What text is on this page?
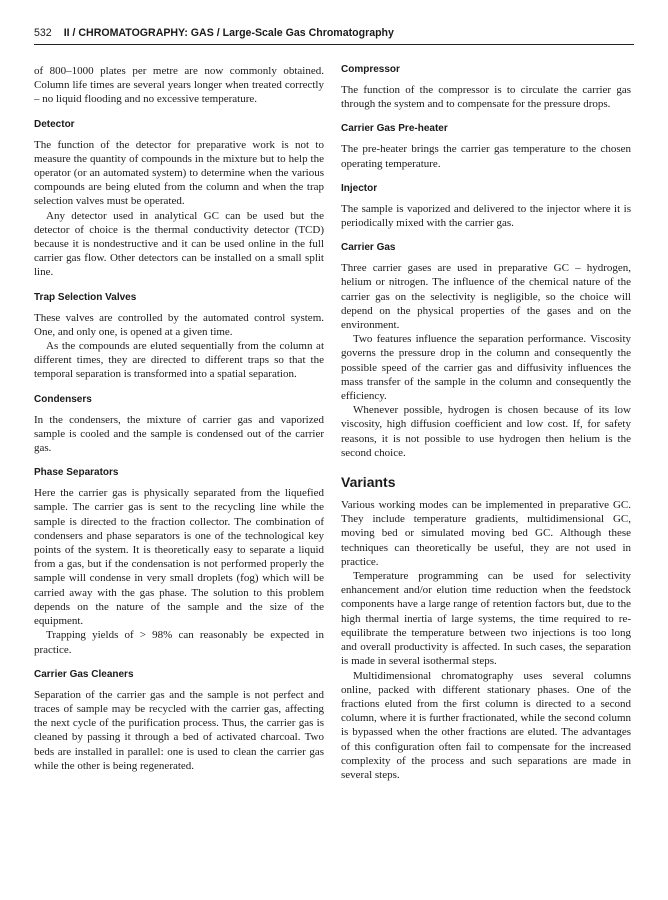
532 II / CHROMATOGRAPHY: GAS / Large-Scale Gas Chromatography

of 800–1000 plates per metre are now commonly obtained. Column life times are several years longer when treated correctly – no liquid flooding and no excessive temperature.

Detector

The function of the detector for preparative work is not to measure the quantity of compounds in the mixture but to help the operator (or an automated system) to determine when the various compounds are being eluted from the column and when the trap selection valves must be operated.

Any detector used in analytical GC can be used but the detector of choice is the thermal conductivity detector (TCD) because it is nondestructive and it can be used online in the full carrier gas flow. Other detectors can be installed on a small split line.

Trap Selection Valves

These valves are controlled by the automated control system. One, and only one, is opened at a given time.

As the compounds are eluted sequentially from the column at different times, they are directed to different traps so that the temporal separation is transformed into a spatial separation.

Condensers

In the condensers, the mixture of carrier gas and vaporized sample is cooled and the sample is condensed out of the carrier gas.

Phase Separators

Here the carrier gas is physically separated from the liquefied sample. The carrier gas is sent to the recycling line while the sample is directed to the fraction collector. The combination of condensers and phase separators is one of the technological key points of the system. It is theoretically easy to separate a liquid from a gas, but if the condensation is not performed properly the sample will condense in very small droplets (fog) which will be carried away with the gas phase. The solution to this problem depends on the nature of the sample and the size of the equipment.

Trapping yields of > 98% can reasonably be expected in practice.

Carrier Gas Cleaners

Separation of the carrier gas and the sample is not perfect and traces of sample may be recycled with the carrier gas, affecting the next cycle of the purification process. Thus, the carrier gas is cleaned by passing it through a bed of activated charcoal. Two beds are installed in parallel: one is used to clean the carrier gas while the other is being regenerated.

Compressor

The function of the compressor is to circulate the carrier gas through the system and to compensate for the pressure drops.

Carrier Gas Pre-heater

The pre-heater brings the carrier gas temperature to the chosen operating temperature.

Injector

The sample is vaporized and delivered to the injector where it is periodically mixed with the carrier gas.

Carrier Gas

Three carrier gases are used in preparative GC – hydrogen, helium or nitrogen. The influence of the chemical nature of the carrier gas on the selectivity is negligible, so the choice will depend on the physical properties of the gases and on the environment.

Two features influence the separation performance. Viscosity governs the pressure drop in the column and consequently the possible speed of the carrier gas and diffusivity influences the mass transfer of the sample in the column and consequently the efficiency.

Whenever possible, hydrogen is chosen because of its low viscosity, high diffusion coefficient and low cost. If, for safety reasons, it is not possible to use hydrogen then helium is the second choice.

Variants

Various working modes can be implemented in preparative GC. They include temperature gradients, multidimensional GC, moving bed or simulated moving bed GC. Although these techniques can theoretically be useful, they are not used in practice.

Temperature programming can be used for selectivity enhancement and/or elution time reduction when the feedstock components have a large range of retention factors but, due to the high thermal inertia of large systems, the time required to re-equilibrate the temperature between two injections is too long and overall productivity is affected. In such cases, the separation is made in several isothermal steps.

Multidimensional chromatography uses several columns online, packed with different stationary phases. One of the fractions eluted from the first column is directed to a second column, where it is further fractionated, while the second column is bypassed when the other fractions are eluted. The advantages of this configuration often fail to compensate for the increased complexity of the process and such separations are made in several steps.
